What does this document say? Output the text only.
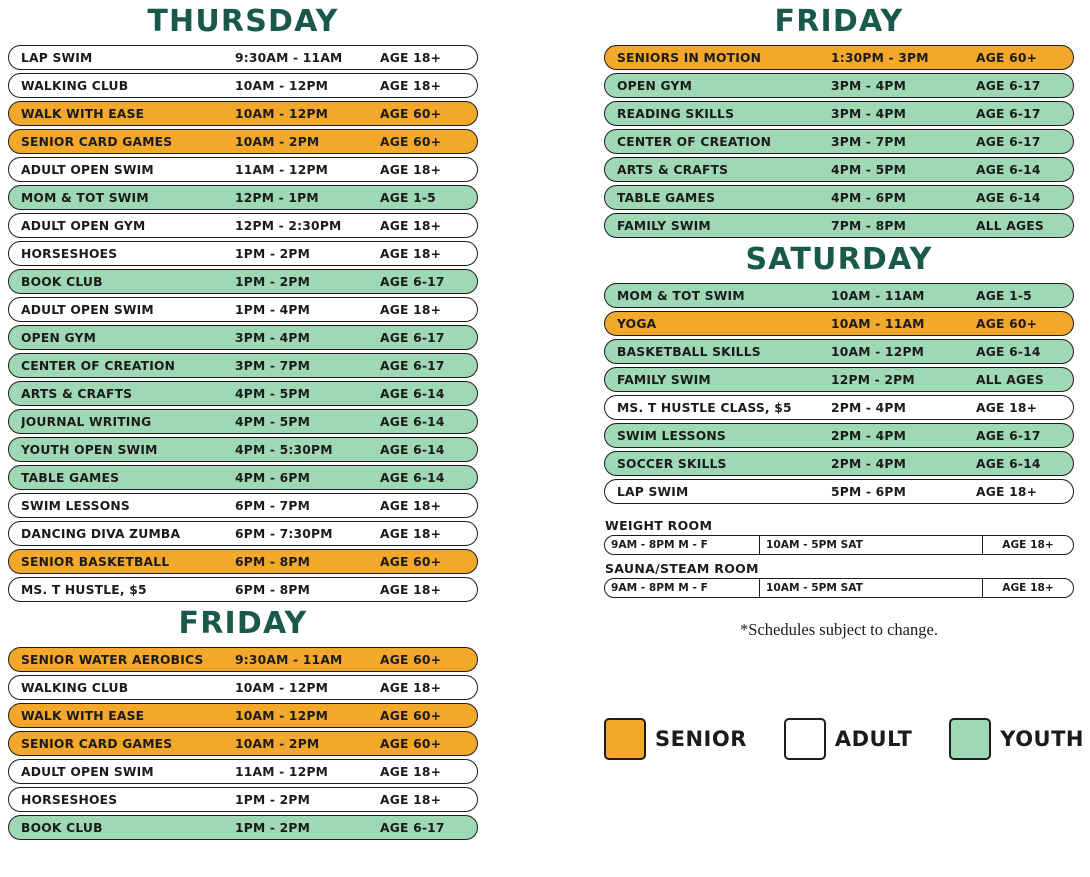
THURSDAY
LAP SWIM	9:30AM - 11AM	AGE 18+
WALKING CLUB	10AM - 12PM	AGE 18+
WALK WITH EASE	10AM - 12PM	AGE 60+
SENIOR CARD GAMES	10AM - 2PM	AGE 60+
ADULT OPEN SWIM	11AM - 12PM	AGE 18+
MOM & TOT SWIM	12PM - 1PM	AGE 1-5
ADULT OPEN GYM	12PM - 2:30PM	AGE 18+
HORSESHOES	1PM - 2PM	AGE 18+
BOOK CLUB	1PM - 2PM	AGE 6-17
ADULT OPEN SWIM	1PM - 4PM	AGE 18+
OPEN GYM	3PM - 4PM	AGE 6-17
CENTER OF CREATION	3PM - 7PM	AGE 6-17
ARTS & CRAFTS	4PM - 5PM	AGE 6-14
JOURNAL WRITING	4PM - 5PM	AGE 6-14
YOUTH OPEN SWIM	4PM - 5:30PM	AGE 6-14
TABLE GAMES	4PM - 6PM	AGE 6-14
SWIM LESSONS	6PM - 7PM	AGE 18+
DANCING DIVA ZUMBA	6PM - 7:30PM	AGE 18+
SENIOR BASKETBALL	6PM - 8PM	AGE 60+
MS. T HUSTLE, $5	6PM - 8PM	AGE 18+
FRIDAY
SENIOR WATER AEROBICS	9:30AM - 11AM	AGE 60+
WALKING CLUB	10AM - 12PM	AGE 18+
WALK WITH EASE	10AM - 12PM	AGE 60+
SENIOR CARD GAMES	10AM - 2PM	AGE 60+
ADULT OPEN SWIM	11AM - 12PM	AGE 18+
HORSESHOES	1PM - 2PM	AGE 18+
BOOK CLUB	1PM - 2PM	AGE 6-17
FRIDAY
SENIORS IN MOTION	1:30PM - 3PM	AGE 60+
OPEN GYM	3PM - 4PM	AGE 6-17
READING SKILLS	3PM - 4PM	AGE 6-17
CENTER OF CREATION	3PM - 7PM	AGE 6-17
ARTS & CRAFTS	4PM - 5PM	AGE 6-14
TABLE GAMES	4PM - 6PM	AGE 6-14
FAMILY SWIM	7PM - 8PM	ALL AGES
SATURDAY
MOM & TOT SWIM	10AM - 11AM	AGE 1-5
YOGA	10AM - 11AM	AGE 60+
BASKETBALL SKILLS	10AM - 12PM	AGE 6-14
FAMILY SWIM	12PM - 2PM	ALL AGES
MS. T HUSTLE CLASS, $5	2PM - 4PM	AGE 18+
SWIM LESSONS	2PM - 4PM	AGE 6-17
SOCCER SKILLS	2PM - 4PM	AGE 6-14
LAP SWIM	5PM - 6PM	AGE 18+
WEIGHT ROOM
9AM - 8PM M - F	10AM - 5PM SAT	AGE 18+
SAUNA/STEAM ROOM
9AM - 8PM M - F	10AM - 5PM SAT	AGE 18+
*Schedules subject to change.
SENIOR	ADULT	YOUTH
